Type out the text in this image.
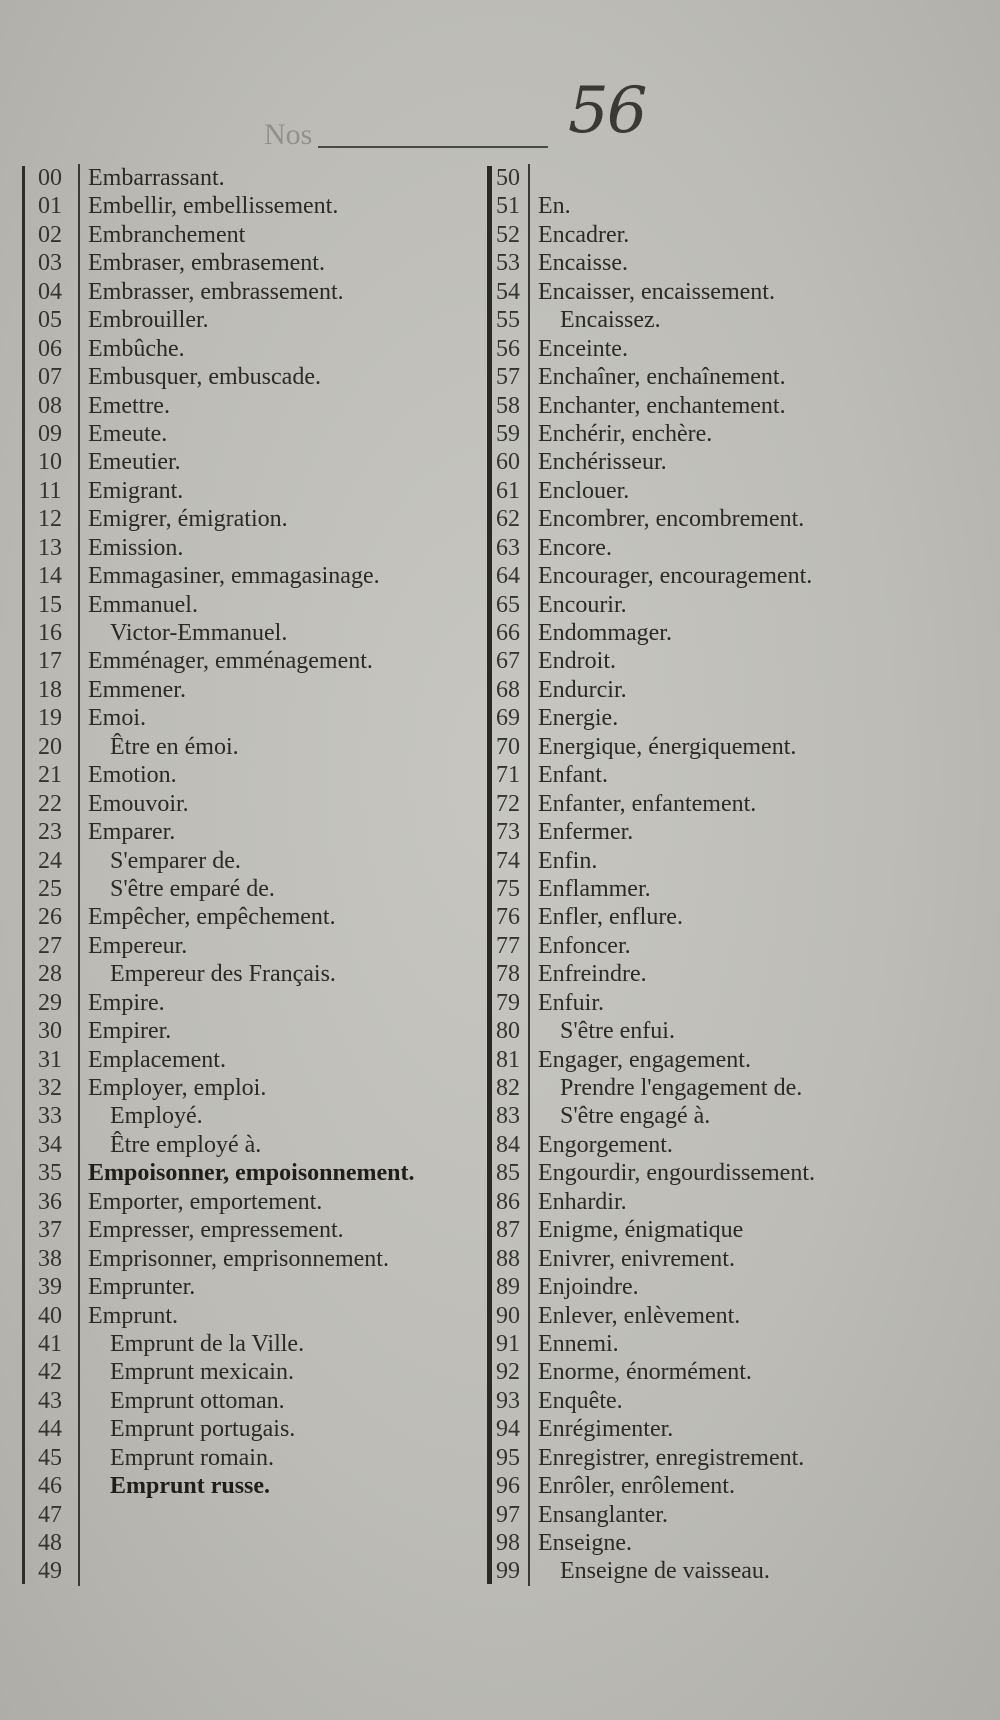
56
Nos
00	Embarrassant.
01	Embellir, embellissement.
02	Embranchement
03	Embraser, embrasement.
04	Embrasser, embrassement.
05	Embrouiller.
06	Embûche.
07	Embusquer, embuscade.
08	Emettre.
09	Emeute.
10	Emeutier.
11	Emigrant.
12	Emigrer, émigration.
13	Emission.
14	Emmagasiner, emmagasinage.
15	Emmanuel.
16	Victor-Emmanuel.
17	Emménager, emménagement.
18	Emmener.
19	Emoi.
20	Être en émoi.
21	Emotion.
22	Emouvoir.
23	Emparer.
24	S'emparer de.
25	S'être emparé de.
26	Empêcher, empêchement.
27	Empereur.
28	Empereur des Français.
29	Empire.
30	Empirer.
31	Emplacement.
32	Employer, emploi.
33	Employé.
34	Être employé à.
35	Empoisonner, empoisonnement.
36	Emporter, emportement.
37	Empresser, empressement.
38	Emprisonner, emprisonnement.
39	Emprunter.
40	Emprunt.
41	Emprunt de la Ville.
42	Emprunt mexicain.
43	Emprunt ottoman.
44	Emprunt portugais.
45	Emprunt romain.
46	Emprunt russe.
47
48
49
50
51 En.
52 Encadrer.
53 Encaisse.
54 Encaisser, encaissement.
55	Encaissez.
56 Enceinte.
57 Enchaîner, enchaînement.
58 Enchanter, enchantement.
59 Enchérir, enchère.
60 Enchérisseur.
61 Enclouer.
62 Encombrer, encombrement.
63 Encore.
64 Encourager, encouragement.
65 Encourir.
66 Endommager.
67 Endroit.
68 Endurcir.
69 Energie.
70 Energique, énergiquement.
71 Enfant.
72 Enfanter, enfantement.
73 Enfermer.
74 Enfin.
75 Enflammer.
76 Enfler, enflure.
77 Enfoncer.
78 Enfreindre.
79 Enfuir.
80	S'être enfui.
81 Engager, engagement.
82	Prendre l'engagement de.
83	S'être engagé à.
84 Engorgement.
85 Engourdir, engourdissement.
86 Enhardir.
87 Enigme, énigmatique
88 Enivrer, enivrement.
89 Enjoindre.
90 Enlever, enlèvement.
91 Ennemi.
92 Enorme, énormément.
93 Enquête.
94 Enrégimenter.
95 Enregistrer, enregistrement.
96 Enrôler, enrôlement.
97 Ensanglanter.
98 Enseigne.
99	Enseigne de vaisseau.
